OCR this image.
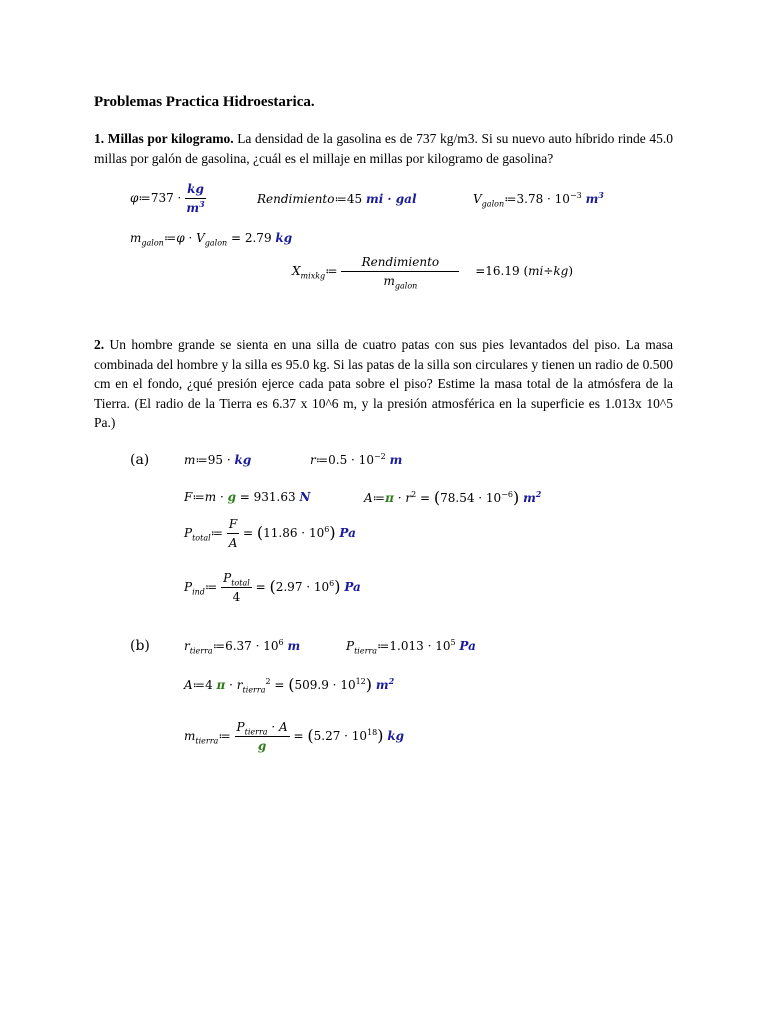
Problemas Practica Hidroestarica.
1. Millas por kilogramo. La densidad de la gasolina es de 737 kg/m3. Si su nuevo auto híbrido rinde 45.0 millas por galón de gasolina, ¿cuál es el millaje en millas por kilogramo de gasolina?
φ≔737 · $\frac{kg}{m^3}$	Rendimiento≔45 mi · gal	$V_{galon}≔3.78 \cdot 10^{-3}$ $m^3$
$m_{galon}≔\varphi \cdot V_{galon} = 2.79$ kg
$X_{mixkg}≔ \frac{\text{Rendimiento}}{m_{galon}} =16.19$ (mi÷kg)
2. Un hombre grande se sienta en una silla de cuatro patas con sus pies levantados del piso. La masa combinada del hombre y la silla es 95.0 kg. Si las patas de la silla son circulares y tienen un radio de 0.500 cm en el fondo, ¿qué presión ejerce cada pata sobre el piso? Estime la masa total de la atmósfera de la Tierra. (El radio de la Tierra es 6.37 x 10^6 m, y la presión atmosférica en la superficie es 1.013x 10^5 Pa.)
(a)	m≔95 · kg	r≔0.5 · $10^{-2}$ m
F≔m · g = 931.63 N	A≔π · $r^2 = (78.54 \cdot 10^{-6})$ $m^2$
$P_{total}≔ \frac{F}{A} = (11.86 \cdot 10^6)$ Pa
$P_{ind}≔ \frac{P_{total}}{4} = (2.97 \cdot 10^6)$ Pa
(b)	$r_{tierra}≔6.37 \cdot 10^6$ m	$P_{tierra}≔1.013 \cdot 10^5$ Pa
A≔4 $\pi \cdot r_{tierra}^2 = (509.9 \cdot 10^{12})$ $m^2$
$m_{tierra}≔ \frac{P_{tierra} \cdot A}{g} = (5.27 \cdot 10^{18})$ kg
